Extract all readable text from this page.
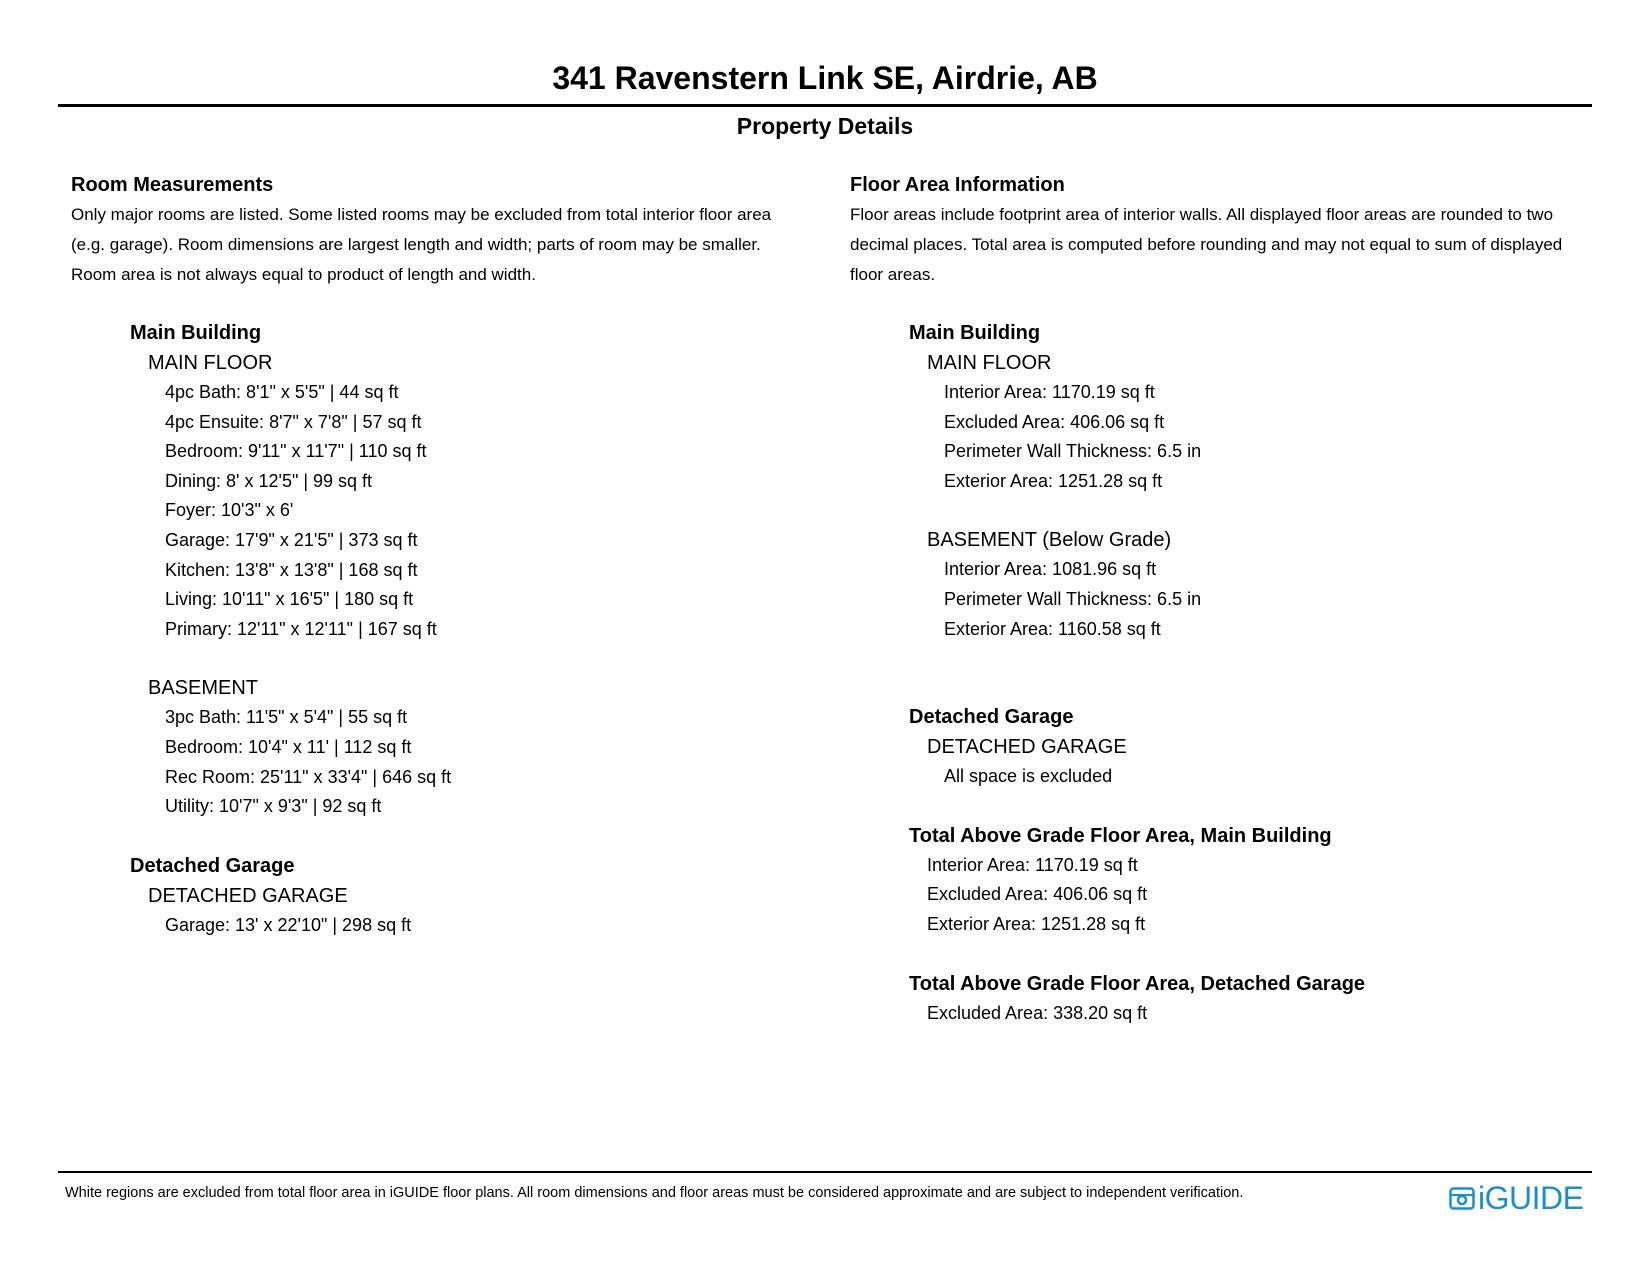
341 Ravenstern Link SE, Airdrie, AB
Property Details
Room Measurements
Only major rooms are listed. Some listed rooms may be excluded from total interior floor area
(e.g. garage). Room dimensions are largest length and width; parts of room may be smaller.
Room area is not always equal to product of length and width.
Main Building
MAIN FLOOR
4pc Bath: 8'1" x 5'5" | 44 sq ft
4pc Ensuite: 8'7" x 7'8" | 57 sq ft
Bedroom: 9'11" x 11'7" | 110 sq ft
Dining: 8' x 12'5" | 99 sq ft
Foyer: 10'3" x 6'
Garage: 17'9" x 21'5" | 373 sq ft
Kitchen: 13'8" x 13'8" | 168 sq ft
Living: 10'11" x 16'5" | 180 sq ft
Primary: 12'11" x 12'11" | 167 sq ft
BASEMENT
3pc Bath: 11'5" x 5'4" | 55 sq ft
Bedroom: 10'4" x 11' | 112 sq ft
Rec Room: 25'11" x 33'4" | 646 sq ft
Utility: 10'7" x 9'3" | 92 sq ft
Detached Garage
DETACHED GARAGE
Garage: 13' x 22'10" | 298 sq ft
Floor Area Information
Floor areas include footprint area of interior walls. All displayed floor areas are rounded to two
decimal places. Total area is computed before rounding and may not equal to sum of displayed
floor areas.
Main Building
MAIN FLOOR
Interior Area: 1170.19 sq ft
Excluded Area: 406.06 sq ft
Perimeter Wall Thickness: 6.5 in
Exterior Area: 1251.28 sq ft
BASEMENT (Below Grade)
Interior Area: 1081.96 sq ft
Perimeter Wall Thickness: 6.5 in
Exterior Area: 1160.58 sq ft
Detached Garage
DETACHED GARAGE
All space is excluded
Total Above Grade Floor Area, Main Building
Interior Area: 1170.19 sq ft
Excluded Area: 406.06 sq ft
Exterior Area: 1251.28 sq ft
Total Above Grade Floor Area, Detached Garage
Excluded Area: 338.20 sq ft
White regions are excluded from total floor area in iGUIDE floor plans. All room dimensions and floor areas must be considered approximate and are subject to independent verification.	iGUIDE
